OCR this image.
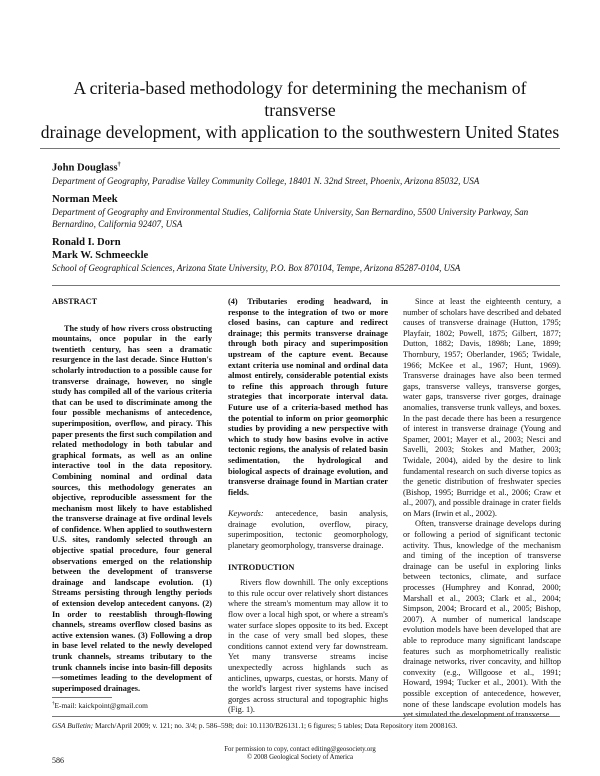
A criteria-based methodology for determining the mechanism of transverse
drainage development, with application to the southwestern United States
John Douglass†
Department of Geography, Paradise Valley Community College, 18401 N. 32nd Street, Phoenix, Arizona 85032, USA
Norman Meek
Department of Geography and Environmental Studies, California State University, San Bernardino, 5500 University Parkway, San Bernardino, California 92407, USA
Ronald I. Dorn
Mark W. Schmeeckle
School of Geographical Sciences, Arizona State University, P.O. Box 870104, Tempe, Arizona 85287-0104, USA
ABSTRACT

The study of how rivers cross obstructing mountains, once popular in the early twentieth century, has seen a dramatic resurgence in the last decade. Since Hutton's scholarly introduction to a possible cause for transverse drainage, however, no single study has compiled all of the various criteria that can be used to discriminate among the four possible mechanisms of antecedence, superimposition, overflow, and piracy. This paper presents the first such compilation and related methodology in both tabular and graphical formats, as well as an online interactive tool in the data repository. Combining nominal and ordinal data sources, this methodology generates an objective, reproducible assessment for the mechanism most likely to have established the transverse drainage at five ordinal levels of confidence. When applied to southwestern U.S. sites, randomly selected through an objective spatial procedure, four general observations emerged on the relationship between the development of transverse drainage and landscape evolution. (1) Streams persisting through lengthy periods of extension develop antecedent canyons. (2) In order to reestablish through-flowing channels, streams overflow closed basins as active extension wanes. (3) Following a drop in base level related to the newly developed trunk channels, streams tributary to the trunk channels incise into basin-fill deposits—sometimes leading to the development of superimposed drainages.

(4) Tributaries eroding headward, in response to the integration of two or more closed basins, can capture and redirect drainage; this permits transverse drainage through both piracy and superimposition upstream of the capture event. Because extant criteria use nominal and ordinal data almost entirely, considerable potential exists to refine this approach through future strategies that incorporate interval data. Future use of a criteria-based method has the potential to inform on prior geomorphic studies by providing a new perspective with which to study how basins evolve in active tectonic regions, the analysis of related basin sedimentation, the hydrological and biological aspects of drainage evolution, and transverse drainage found in Martian crater fields.

Keywords: antecedence, basin analysis, drainage evolution, overflow, piracy, superimposition, tectonic geomorphology, planetary geomorphology, transverse drainage.

INTRODUCTION

Rivers flow downhill. The only exceptions to this rule occur over relatively short distances where the stream's momentum may allow it to flow over a local high spot, or where a stream's water surface slopes opposite to its bed. Except in the case of very small bed slopes, these conditions cannot extend very far downstream. Yet many transverse streams incise unexpectedly across highlands such as anticlines, upwarps, cuestas, or horsts. Many of the world's largest river systems have incised gorges across structural and topographic highs (Fig. 1).

Since at least the eighteenth century, a number of scholars have described and debated causes of transverse drainage (Hutton, 1795; Playfair, 1802; Powell, 1875; Gilbert, 1877; Dutton, 1882; Davis, 1898b; Lane, 1899; Thornbury, 1957; Oberlander, 1965; Twidale, 1966; McKee et al., 1967; Hunt, 1969). Transverse drainages have also been termed gaps, transverse valleys, transverse gorges, water gaps, transverse river gorges, drainage anomalies, transverse trunk valleys, and boxes. In the past decade there has been a resurgence of interest in transverse drainage (Young and Spamer, 2001; Mayer et al., 2003; Nesci and Savelli, 2003; Stokes and Mather, 2003; Twidale, 2004), aided by the desire to link fundamental research on such diverse topics as the genetic distribution of freshwater species (Bishop, 1995; Burridge et al., 2006; Craw et al., 2007), and possible drainage in crater fields on Mars (Irwin et al., 2002).

Often, transverse drainage develops during or following a period of significant tectonic activity. Thus, knowledge of the mechanism and timing of the inception of transverse drainage can be useful in exploring links between tectonics, climate, and surface processes (Humphrey and Konrad, 2000; Marshall et al., 2003; Clark et al., 2004; Simpson, 2004; Brocard et al., 2005; Bishop, 2007). A number of numerical landscape evolution models have been developed that are able to reproduce many significant landscape features such as morphometrically realistic drainage networks, river concavity, and hilltop convexity (e.g., Willgoose et al., 1991; Howard, 1994; Tucker et al., 2001). With the possible exception of antecedence, however, none of these landscape evolution models has yet simulated the development of transverse

†E-mail: kaickpoint@gmail.com
GSA Bulletin; March/April 2009; v. 121; no. 3/4; p. 586–598; doi: 10.1130/B26131.1; 6 figures; 5 tables; Data Repository item 2008163.
For permission to copy, contact editing@geosociety.org
© 2008 Geological Society of America
586
